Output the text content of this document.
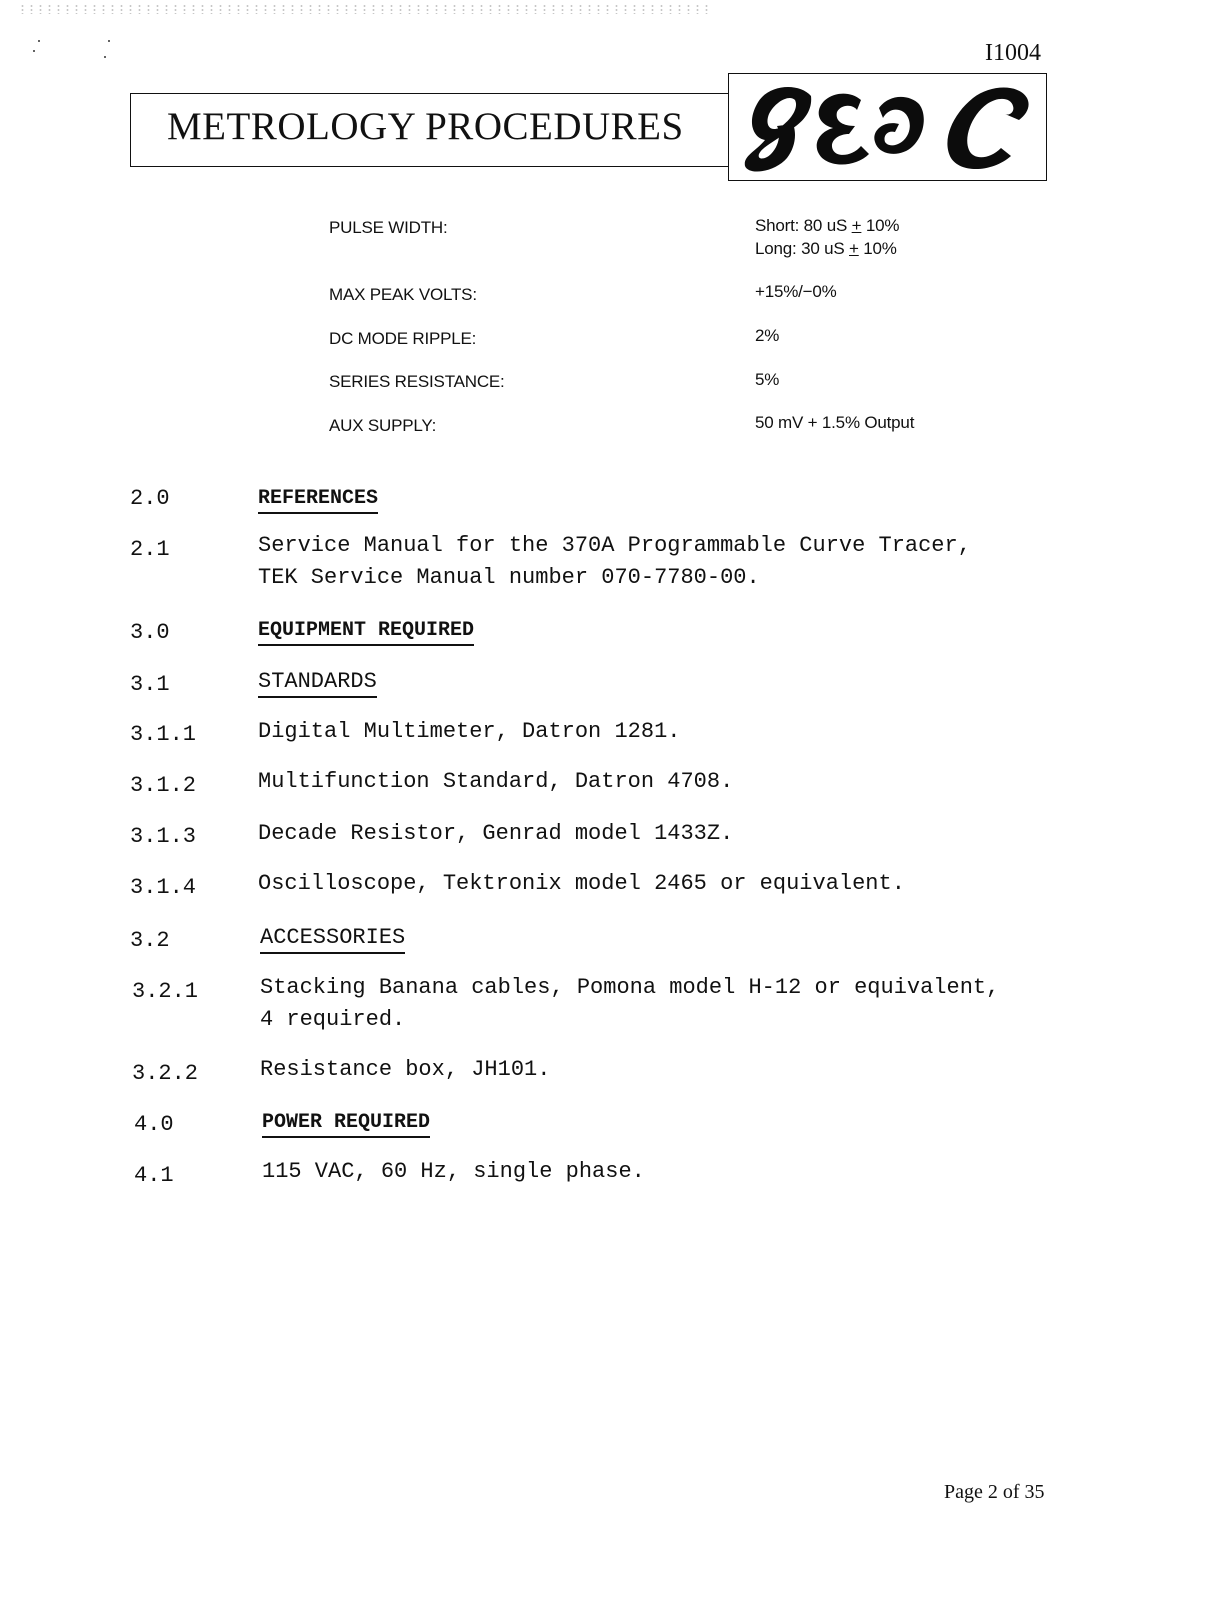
I1004
METROLOGY PROCEDURES
PULSE WIDTH:	Short: 80 uS + 10%
Long: 30 uS + 10%
MAX PEAK VOLTS:	+15%/−0%
DC MODE RIPPLE:	2%
SERIES RESISTANCE:	5%
AUX SUPPLY:	50 mV + 1.5% Output
2.0	REFERENCES
2.1	Service Manual for the 370A Programmable Curve Tracer,
TEK Service Manual number 070-7780-00.
3.0	EQUIPMENT REQUIRED
3.1	STANDARDS
3.1.1	Digital Multimeter, Datron 1281.
3.1.2	Multifunction Standard, Datron 4708.
3.1.3	Decade Resistor, Genrad model 1433Z.
3.1.4	Oscilloscope, Tektronix model 2465 or equivalent.
3.2	ACCESSORIES
3.2.1	Stacking Banana cables, Pomona model H-12 or equivalent,
4 required.
3.2.2	Resistance box, JH101.
4.0	POWER REQUIRED
4.1	115 VAC, 60 Hz, single phase.
Page 2 of 35
